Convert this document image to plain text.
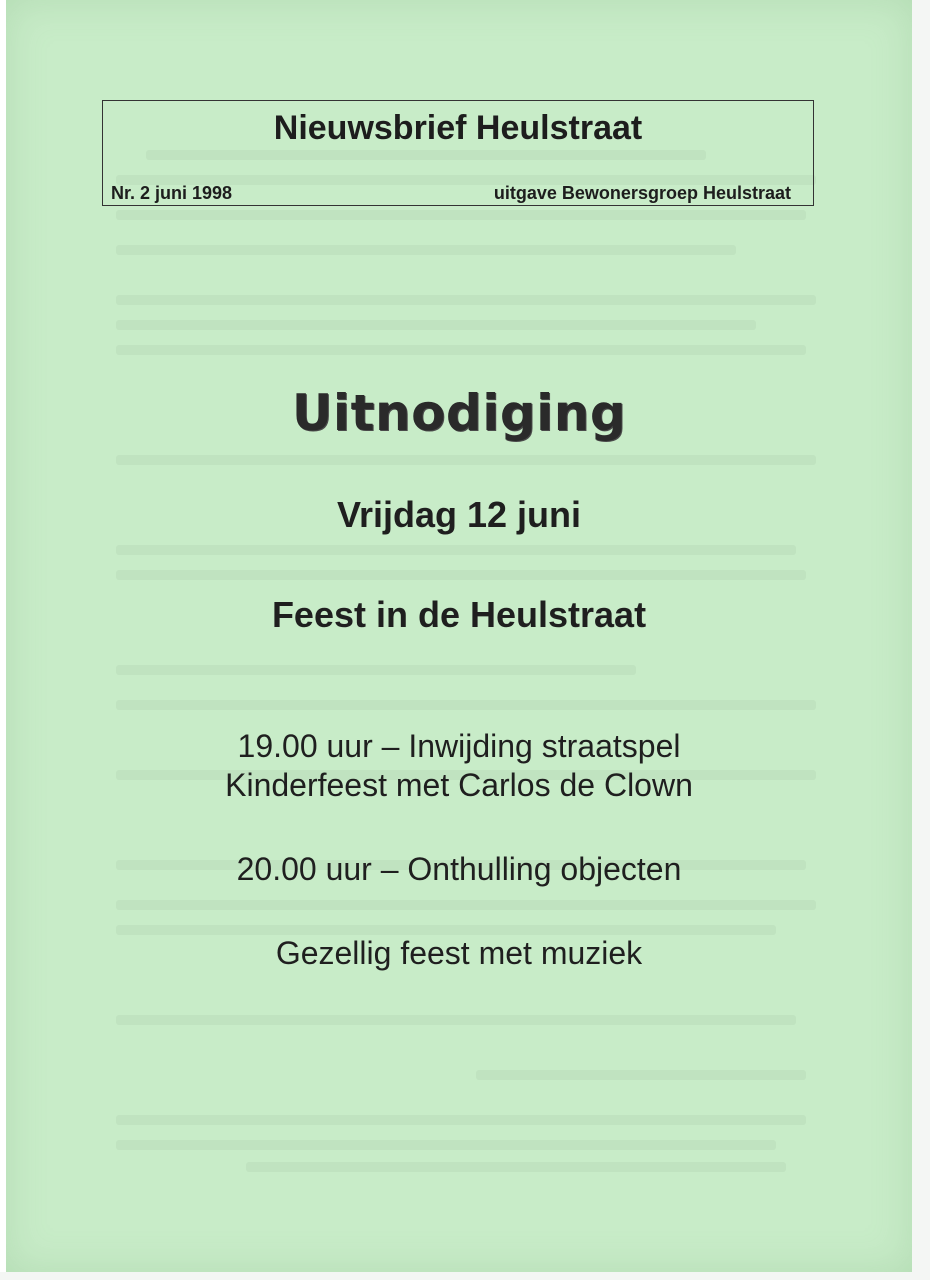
Nieuwsbrief Heulstraat
Nr. 2 juni 1998	uitgave Bewonersgroep Heulstraat
Uitnodiging
Vrijdag 12 juni
Feest in de Heulstraat
19.00 uur – Inwijding straatspel
Kinderfeest met Carlos de Clown
20.00 uur – Onthulling objecten
Gezellig feest met muziek
